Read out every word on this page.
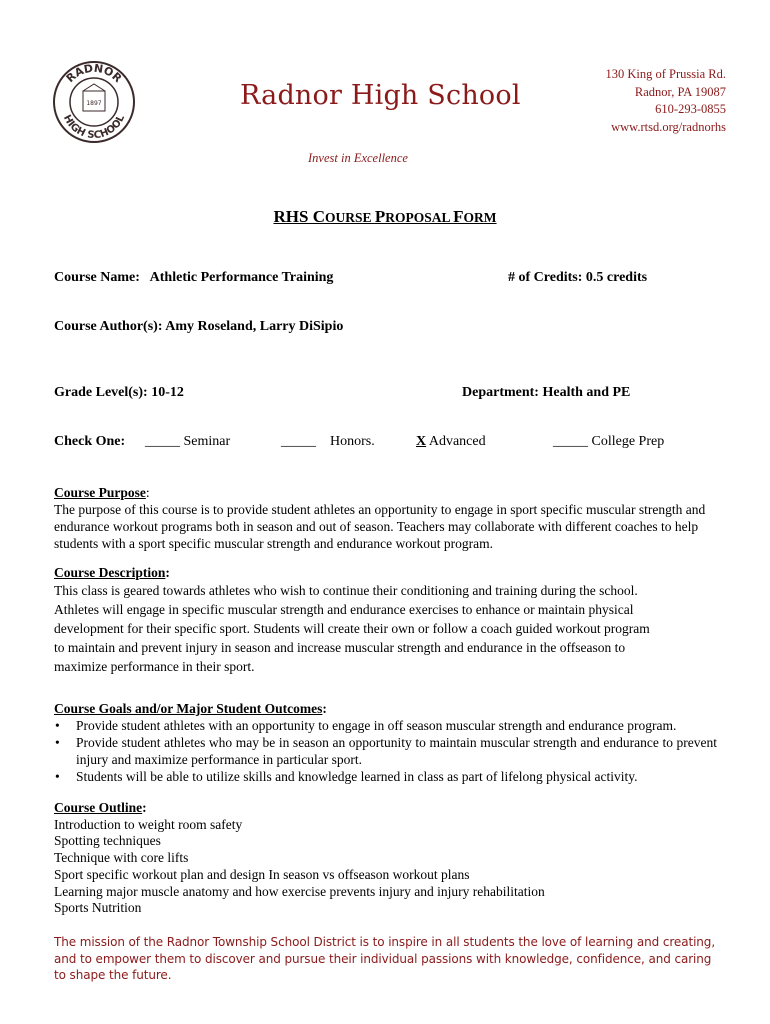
RADNOR
HIGH SCHOOL
1897	Radnor High School
130 King of Prussia Rd.
Radnor, PA 19087
610-293-0855
www.rtsd.org/radnorhs
Invest in Excellence
RHS COURSE PROPOSAL FORM
Course Name: Athletic Performance Training	# of Credits: 0.5 credits
Course Author(s): Amy Roseland, Larry DiSipio
Grade Level(s): 10-12	Department: Health and PE
Check One: _____ Seminar	_____ Honors.	X Advanced	_____ College Prep
Course Purpose:
The purpose of this course is to provide student athletes an opportunity to engage in sport specific muscular strength and endurance workout programs both in season and out of season. Teachers may collaborate with different coaches to help students with a sport specific muscular strength and endurance workout program.
Course Description:
This class is geared towards athletes who wish to continue their conditioning and training during the school.
Athletes will engage in specific muscular strength and endurance exercises to enhance or maintain physical
development for their specific sport. Students will create their own or follow a coach guided workout program
to maintain and prevent injury in season and increase muscular strength and endurance in the offseason to
maximize performance in their sport.
Course Goals and/or Major Student Outcomes:
• Provide student athletes with an opportunity to engage in off season muscular strength and endurance program.
• Provide student athletes who may be in season an opportunity to maintain muscular strength and endurance to prevent injury and maximize performance in particular sport.
• Students will be able to utilize skills and knowledge learned in class as part of lifelong physical activity.
Course Outline:
Introduction to weight room safety
Spotting techniques
Technique with core lifts
Sport specific workout plan and design In season vs offseason workout plans
Learning major muscle anatomy and how exercise prevents injury and injury rehabilitation
Sports Nutrition
The mission of the Radnor Township School District is to inspire in all students the love of learning and creating, and to empower them to discover and pursue their individual passions with knowledge, confidence, and caring to shape the future.
